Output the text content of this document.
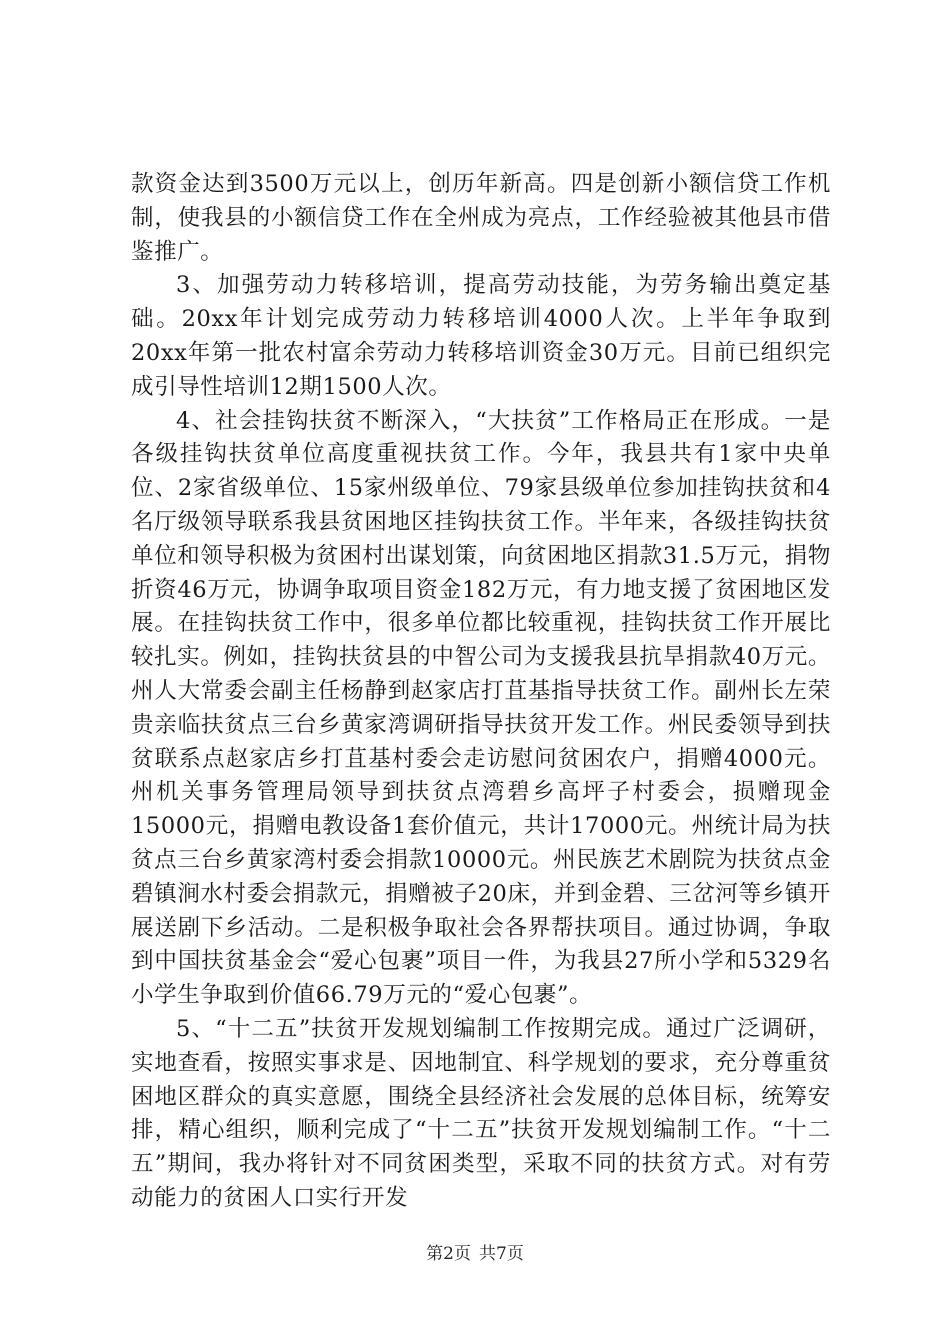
款资金达到3500万元以上，创历年新高。四是创新小额信贷工作机制，使我县的小额信贷工作在全州成为亮点，工作经验被其他县市借鉴推广。

3、加强劳动力转移培训，提高劳动技能，为劳务输出奠定基础。20xx年计划完成劳动力转移培训4000人次。上半年争取到20xx年第一批农村富余劳动力转移培训资金30万元。目前已组织完成引导性培训12期1500人次。

4、社会挂钩扶贫不断深入，“大扶贫”工作格局正在形成。一是各级挂钩扶贫单位高度重视扶贫工作。今年，我县共有1家中央单位、2家省级单位、15家州级单位、79家县级单位参加挂钩扶贫和4名厅级领导联系我县贫困地区挂钩扶贫工作。半年来，各级挂钩扶贫单位和领导积极为贫困村出谋划策，向贫困地区捐款31.5万元，捐物折资46万元，协调争取项目资金182万元，有力地支援了贫困地区发展。在挂钩扶贫工作中，很多单位都比较重视，挂钩扶贫工作开展比较扎实。例如，挂钩扶贫县的中智公司为支援我县抗旱捐款40万元。州人大常委会副主任杨静到赵家店打苴基指导扶贫工作。副州长左荣贵亲临扶贫点三台乡黄家湾调研指导扶贫开发工作。州民委领导到扶贫联系点赵家店乡打苴基村委会走访慰问贫困农户，捐赠4000元。州机关事务管理局领导到扶贫点湾碧乡高坪子村委会，损赠现金15000元，捐赠电教设备1套价值元，共计17000元。州统计局为扶贫点三台乡黄家湾村委会捐款10000元。州民族艺术剧院为扶贫点金碧镇涧水村委会捐款元，捐赠被子20床，并到金碧、三岔河等乡镇开展送剧下乡活动。二是积极争取社会各界帮扶项目。通过协调，争取到中国扶贫基金会“爱心包裹”项目一件，为我县27所小学和5329名小学生争取到价值66.79万元的“爱心包裹”。

5、“十二五”扶贫开发规划编制工作按期完成。通过广泛调研，实地查看，按照实事求是、因地制宜、科学规划的要求，充分尊重贫困地区群众的真实意愿，围绕全县经济社会发展的总体目标，统筹安排，精心组织，顺利完成了“十二五”扶贫开发规划编制工作。“十二五”期间，我办将针对不同贫困类型，采取不同的扶贫方式。对有劳动能力的贫困人口实行开发

第2页 共7页
